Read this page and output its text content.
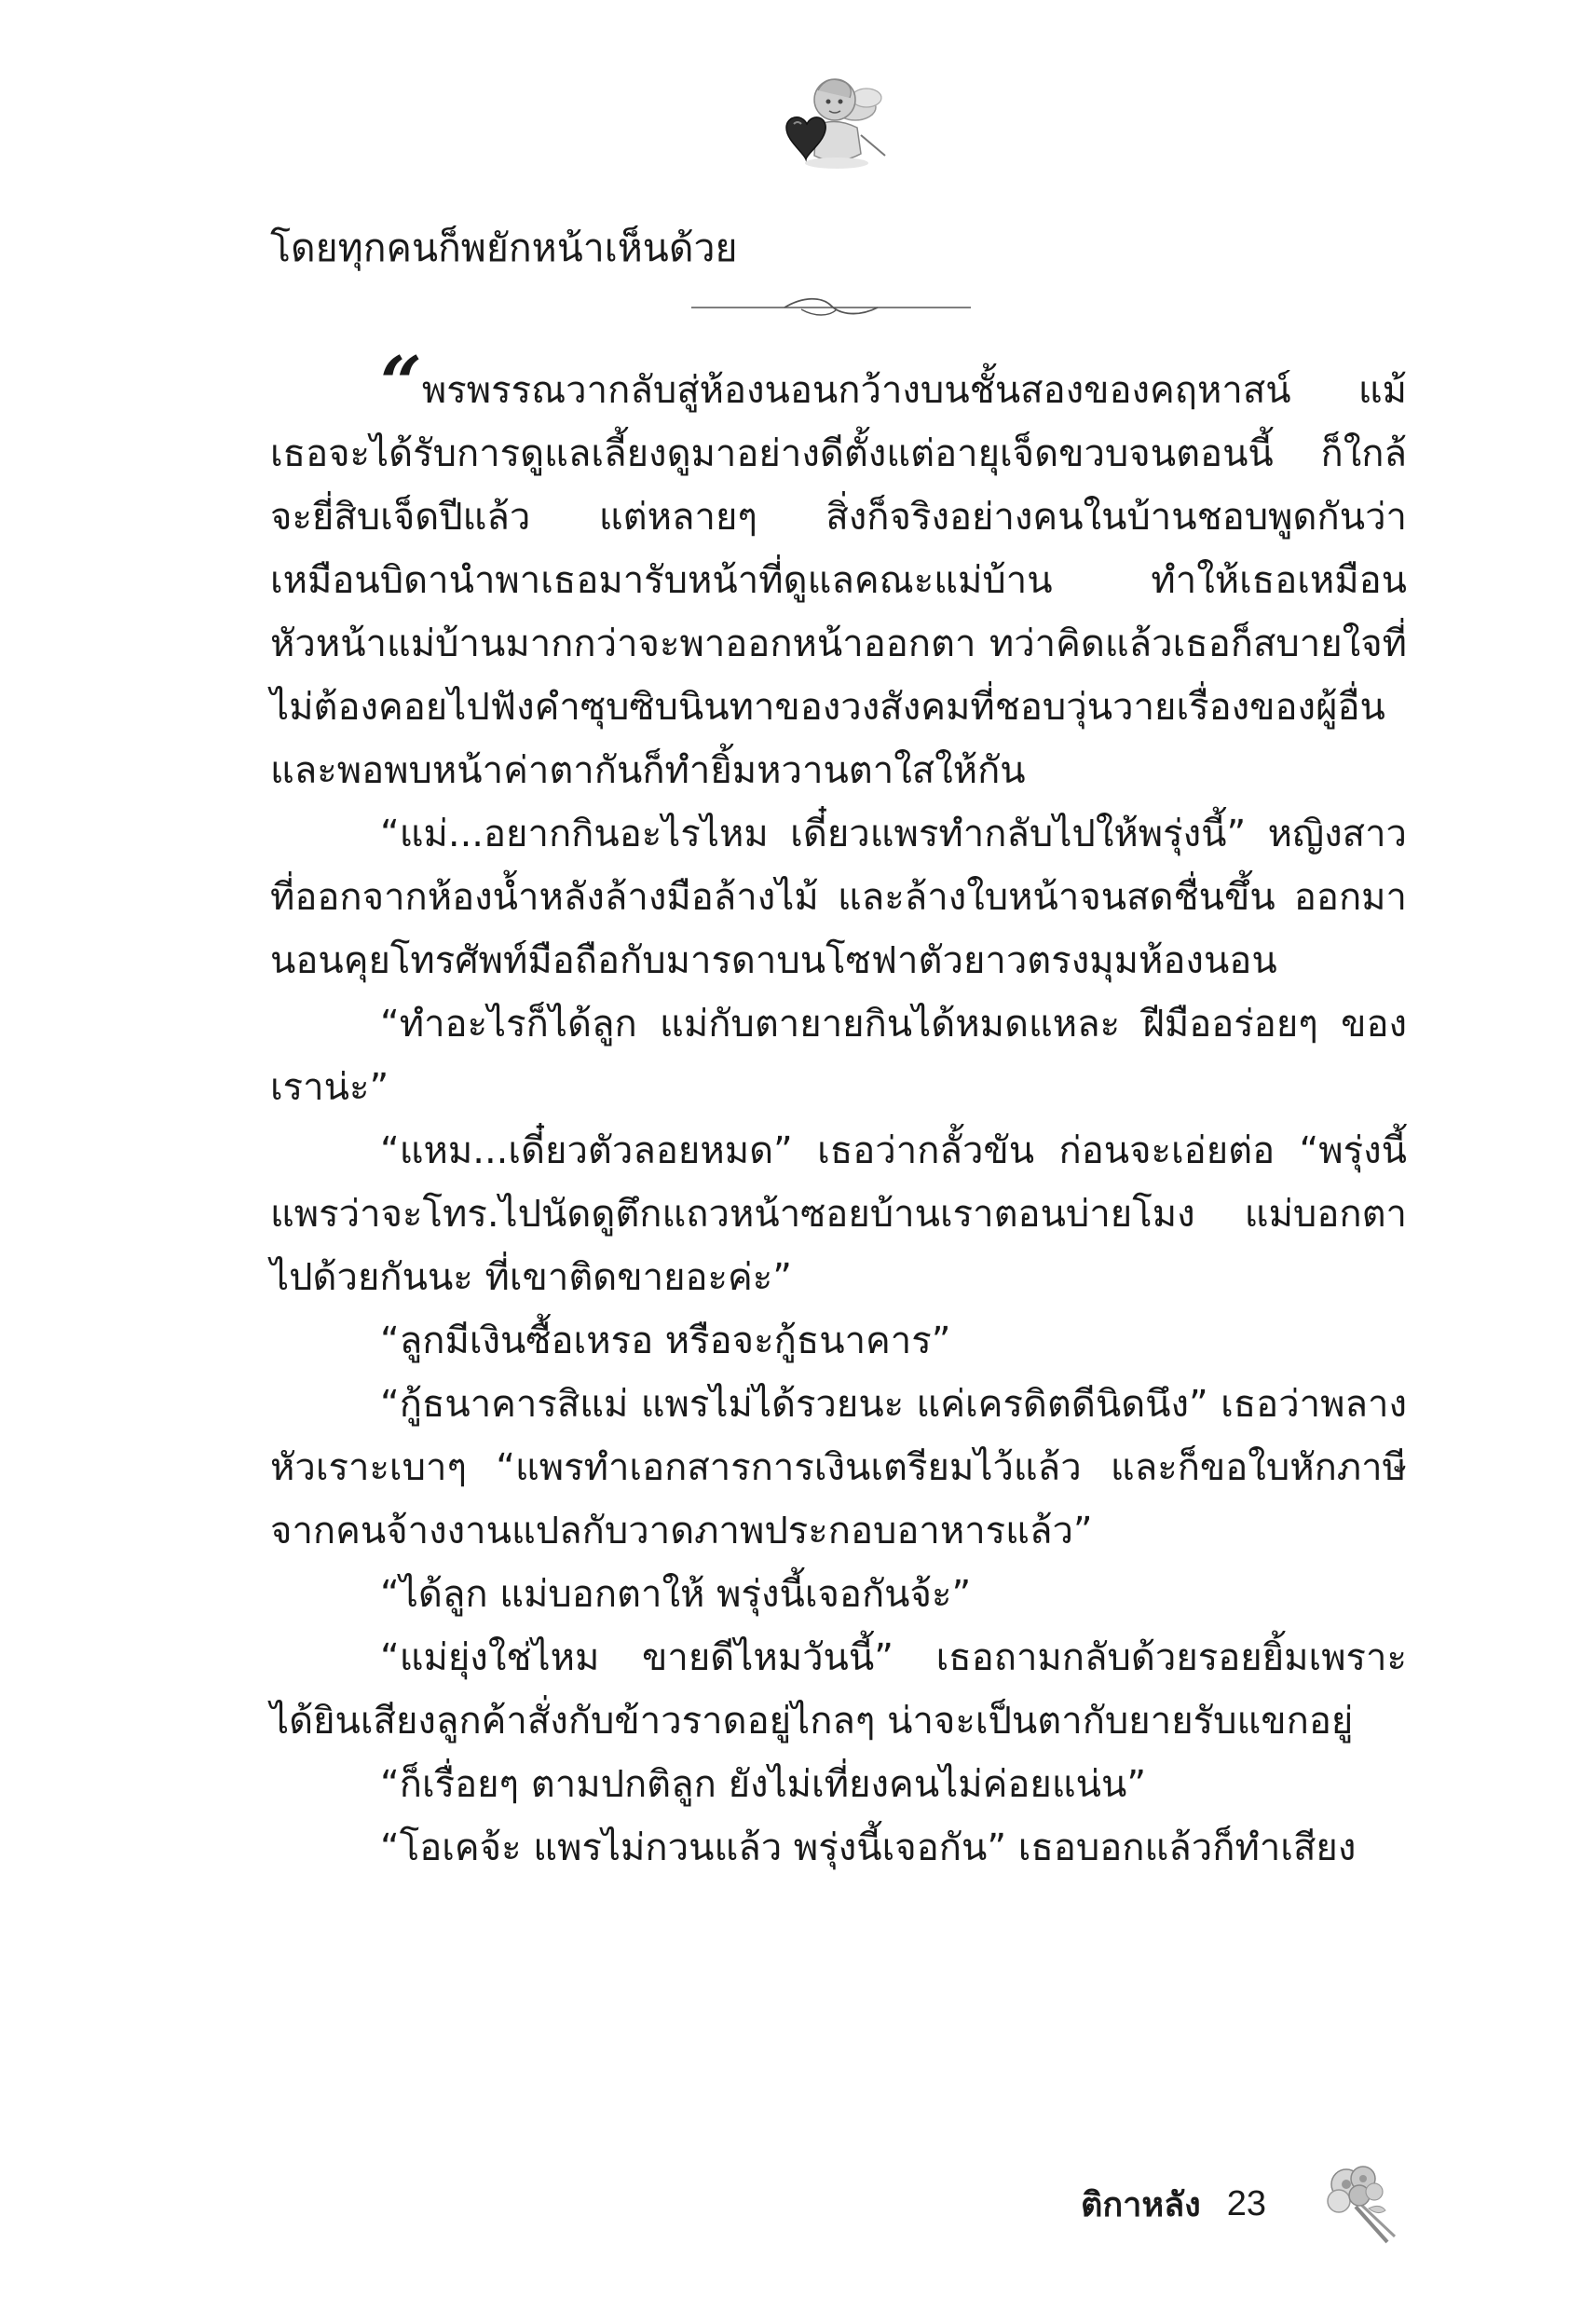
โดยทุกคนก็พยักหน้าเห็นด้วย

“ พรพรรณวากลับสู่ห้องนอนกว้างบนชั้นสองของคฤหาสน์ แม้เธอจะได้รับการดูแลเลี้ยงดูมาอย่างดีตั้งแต่อายุเจ็ดขวบจนตอนนี้ ก็ใกล้จะยี่สิบเจ็ดปีแล้ว แต่หลายๆ สิ่งก็จริงอย่างคนในบ้านชอบพูดกันว่า เหมือนบิดานำพาเธอมารับหน้าที่ดูแลคณะแม่บ้าน ทำให้เธอเหมือนหัวหน้าแม่บ้านมากกว่าจะพาออกหน้าออกตา ทว่าคิดแล้วเธอก็สบายใจที่ไม่ต้องคอยไปฟังคำซุบซิบนินทาของวงสังคมที่ชอบวุ่นวายเรื่องของผู้อื่น และพอพบหน้าค่าตากันก็ทำยิ้มหวานตาใสให้กัน

“แม่...อยากกินอะไรไหม เดี๋ยวแพรทำกลับไปให้พรุ่งนี้” หญิงสาวที่ออกจากห้องน้ำหลังล้างมือล้างไม้ และล้างใบหน้าจนสดชื่นขึ้น ออกมานอนคุยโทรศัพท์มือถือกับมารดาบนโซฟาตัวยาวตรงมุมห้องนอน

“ทำอะไรก็ได้ลูก แม่กับตายายกินได้หมดแหละ ฝีมืออร่อยๆ ของเราน่ะ”

“แหม...เดี๋ยวตัวลอยหมด” เธอว่ากลั้วขัน ก่อนจะเอ่ยต่อ “พรุ่งนี้แพรว่าจะโทร.ไปนัดดูตึกแถวหน้าซอยบ้านเราตอนบ่ายโมง แม่บอกตาไปด้วยกันนะ ที่เขาติดขายอะค่ะ”

“ลูกมีเงินซื้อเหรอ หรือจะกู้ธนาคาร”

“กู้ธนาคารสิแม่ แพรไม่ได้รวยนะ แค่เครดิตดีนิดนึง” เธอว่าพลางหัวเราะเบาๆ “แพรทำเอกสารการเงินเตรียมไว้แล้ว และก็ขอใบหักภาษีจากคนจ้างงานแปลกับวาดภาพประกอบอาหารแล้ว”

“ได้ลูก แม่บอกตาให้ พรุ่งนี้เจอกันจ้ะ”

“แม่ยุ่งใช่ไหม ขายดีไหมวันนี้” เธอถามกลับด้วยรอยยิ้มเพราะได้ยินเสียงลูกค้าสั่งกับข้าวราดอยู่ไกลๆ น่าจะเป็นตากับยายรับแขกอยู่

“ก็เรื่อยๆ ตามปกติลูก ยังไม่เที่ยงคนไม่ค่อยแน่น”

“โอเคจ้ะ แพรไม่กวนแล้ว พรุ่งนี้เจอกัน” เธอบอกแล้วก็ทำเสียง

ติกาหลัง 23
